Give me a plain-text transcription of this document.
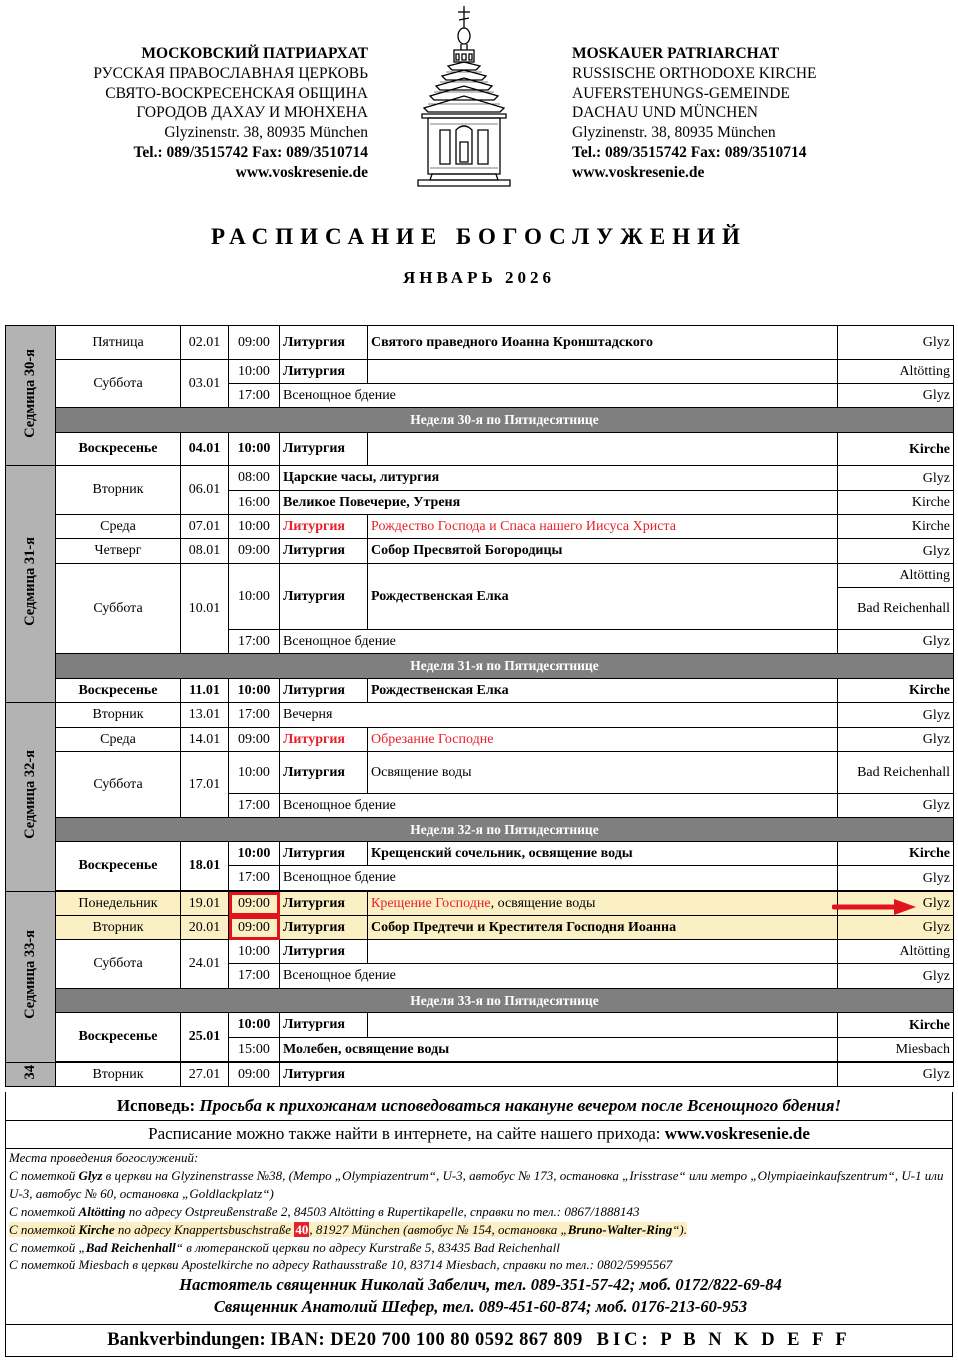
МОСКОВСКИЙ ПАТРИАРХАТ
РУССКАЯ ПРАВОСЛАВНАЯ ЦЕРКОВЬ
СВЯТО-ВОСКРЕСЕНСКАЯ ОБЩИНА
ГОРОДОВ ДАХАУ И МЮНХЕНА
Glyzinenstr. 38, 80935 München
Tel.: 089/3515742 Fax: 089/3510714
www.voskresenie.de
MOSKAUER PATRIARCHAT
RUSSISCHE ORTHODOXE KIRCHE
AUFERSTEHUNGS-GEMEINDE
DACHAU UND MÜNCHEN
Glyzinenstr. 38, 80935 München
Tel.: 089/3515742 Fax: 089/3510714
www.voskresenie.de
РАСПИСАНИЕ БОГОСЛУЖЕНИЙ
ЯНВАРЬ 2026
Седмица 30-я	Пятница	02.01	09:00	Литургия	Святого праведного Иоанна Кронштадского	Glyz
	Суббота	03.01	10:00	Литургия		Altötting
			17:00	Всенощное бдение		Glyz
	Неделя 30-я по Пятидесятнице					
	Воскресенье	04.01	10:00	Литургия		Kirche
Седмица 31-я	Вторник	06.01	08:00	Царские часы, литургия		Glyz
			16:00	Великое Повечерие, Утреня		Kirche
	Среда	07.01	10:00	Литургия	Рождество Господа и Спаса нашего Иисуса Христа	Kirche
	Четверг	08.01	09:00	Литургия	Собор Пресвятой Богородицы	Glyz
	Суббота	10.01	10:00	Литургия	Рождественская Елка	Altötting
						Bad Reichenhall
			17:00	Всенощное бдение		Glyz
	Неделя 31-я по Пятидесятнице					
	Воскресенье	11.01	10:00	Литургия	Рождественская Елка	Kirche
Седмица 32-я	Вторник	13.01	17:00	Вечерня		Glyz
	Среда	14.01	09:00	Литургия	Обрезание Господне	Glyz
	Суббота	17.01	10:00	Литургия	Освящение воды	Bad Reichenhall
			17:00	Всенощное бдение		Glyz
	Неделя 32-я по Пятидесятнице					
	Воскресенье	18.01	10:00	Литургия	Крещенский сочельник, освящение воды	Kirche
			17:00	Всенощное бдение		Glyz

Седмица 33-я	Понедельник	19.01	09:00	Литургия	Крещение Господне, освящение воды	Glyz
	Вторник	20.01	09:00	Литургия	Собор Предтечи и Крестителя Господня Иоанна	Glyz
	Суббота	24.01	10:00	Литургия		Altötting
			17:00	Всенощное бдение		Glyz
	Неделя 33-я по Пятидесятнице					
	Воскресенье	25.01	10:00	Литургия		Kirche
			15:00	Молебен, освящение воды		Miesbach

34	Вторник	27.01	09:00	Литургия		Glyz
Исповедь: Просьба к прихожанам исповедоваться накануне вечером после Всенощного бдения!
Расписание можно также найти в интернете, на сайте нашего прихода: www.voskresenie.de
Места проведения богослужений:
С пометкой Glyz в церкви на Glyzinenstrasse №38, (Метро „Olympiazentrum“, U-3, автобус № 173, остановка „Irisstrase“ или метро „Olympiaeinkaufszentrum“, U-1 или U-3, автобус № 60, остановка „Goldlackplatz“)
С пометкой Altötting по адресу Ostpreußenstraße 2, 84503 Altötting в Rupertikapelle, справки по тел.: 0867/1888143
С пометкой Kirche по адресу Knappertsbuschstraße 40, 81927 München (автобус № 154, остановка „Bruno-Walter-Ring“).
С пометкой „Bad Reichenhall“ в лютеранской церкви по адресу Kurstraße 5, 83435 Bad Reichenhall
С пометкой Miesbach в церкви Apostelkirche по адресу Rathausstraße 10, 83714 Miesbach, справки по тел.: 0802/5995567
Настоятель священник Николай Забелич, тел. 089-351-57-42; моб. 0172/822-69-84
Священник Анатолий Шефер, тел. 089-451-60-874; моб. 0176-213-60-953
Bankverbindungen: IBAN: DE20 700 100 80 0592 867 809 BIC: P B N K D E F F
